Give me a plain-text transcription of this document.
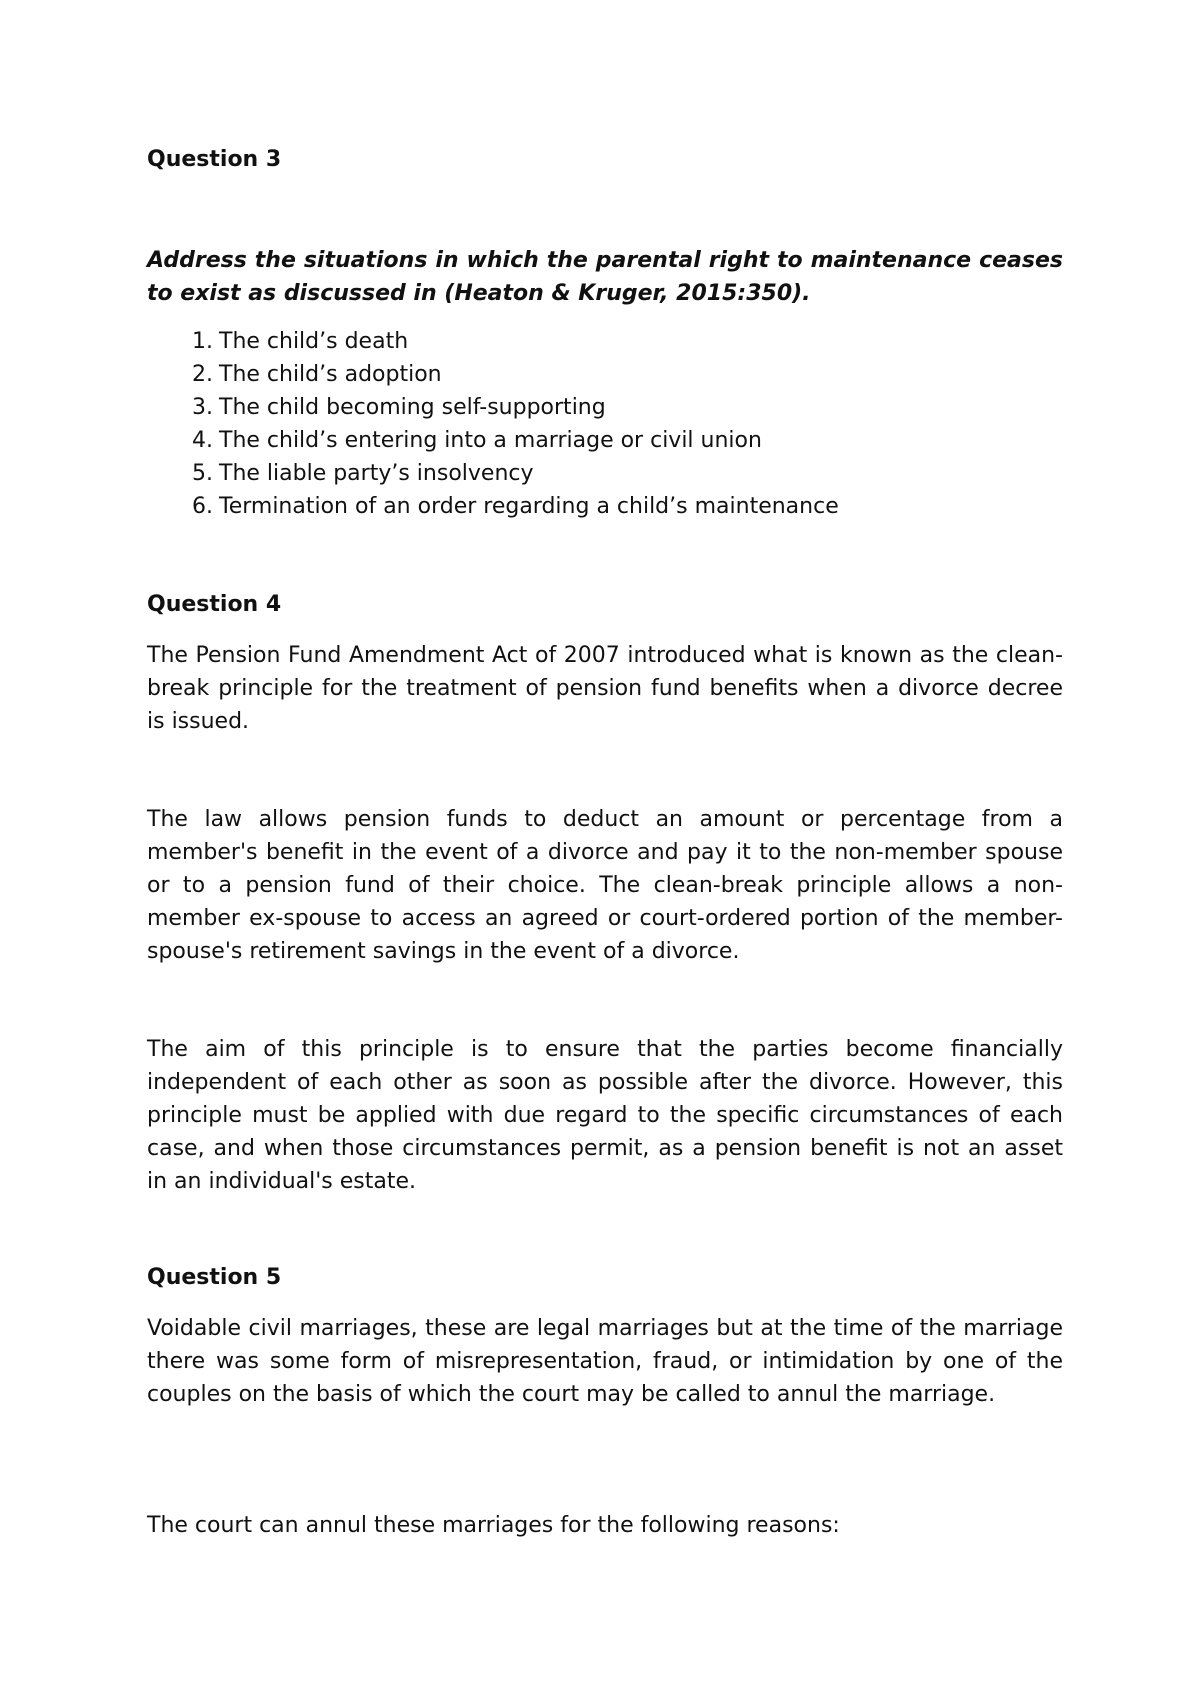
Question 3
Address the situations in which the parental right to maintenance ceases to exist as discussed in (Heaton & Kruger, 2015:350).
1. The child’s death
2. The child’s adoption
3. The child becoming self-supporting
4. The child’s entering into a marriage or civil union
5. The liable party’s insolvency
6. Termination of an order regarding a child’s maintenance
Question 4

The Pension Fund Amendment Act of 2007 introduced what is known as the clean-break principle for the treatment of pension fund benefits when a divorce decree is issued.

The law allows pension funds to deduct an amount or percentage from a member's benefit in the event of a divorce and pay it to the non-member spouse or to a pension fund of their choice. The clean-break principle allows a non-member ex-spouse to access an agreed or court-ordered portion of the member-spouse's retirement savings in the event of a divorce.

The aim of this principle is to ensure that the parties become financially independent of each other as soon as possible after the divorce. However, this principle must be applied with due regard to the specific circumstances of each case, and when those circumstances permit, as a pension benefit is not an asset in an individual's estate.

Question 5

Voidable civil marriages, these are legal marriages but at the time of the marriage there was some form of misrepresentation, fraud, or intimidation by one of the couples on the basis of which the court may be called to annul the marriage.

The court can annul these marriages for the following reasons:
